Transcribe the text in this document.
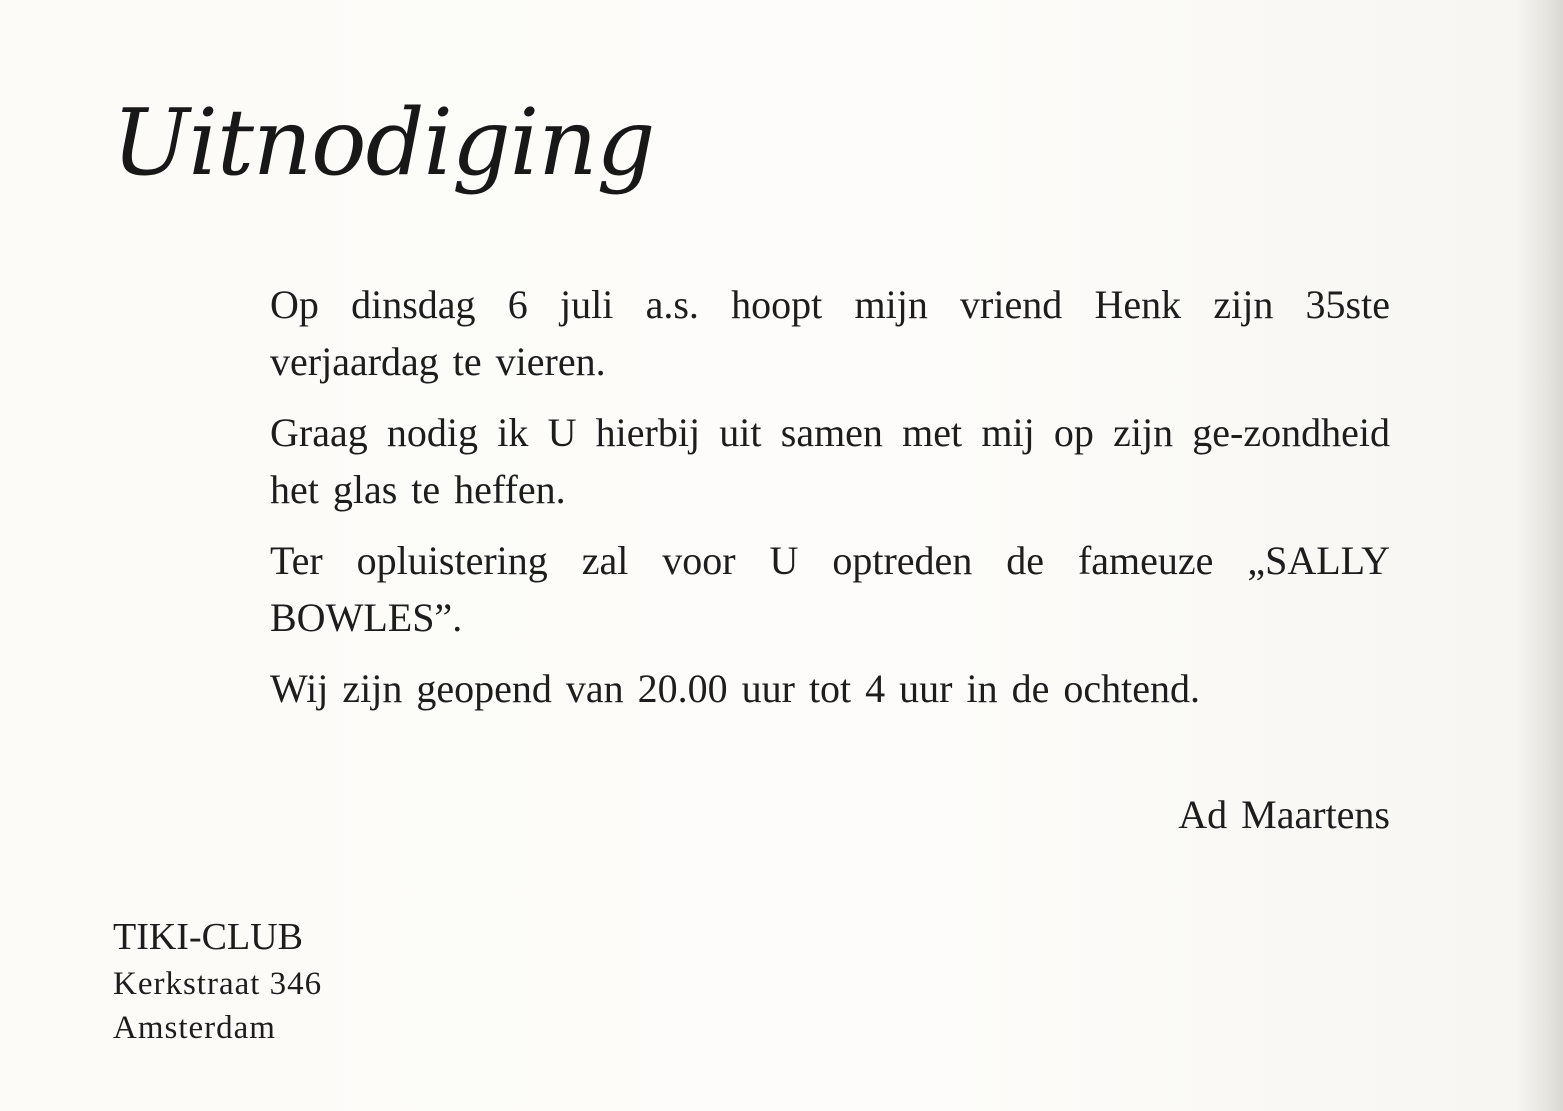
Uitnodiging

Op dinsdag 6 juli a.s. hoopt mijn vriend Henk zijn 35ste verjaardag te vieren.

Graag nodig ik U hierbij uit samen met mij op zijn ge-zondheid het glas te heffen.

Ter opluistering zal voor U optreden de fameuze „SALLY BOWLES”.

Wij zijn geopend van 20.00 uur tot 4 uur in de ochtend.

Ad Maartens
TIKI-CLUB
Kerkstraat 346
Amsterdam
